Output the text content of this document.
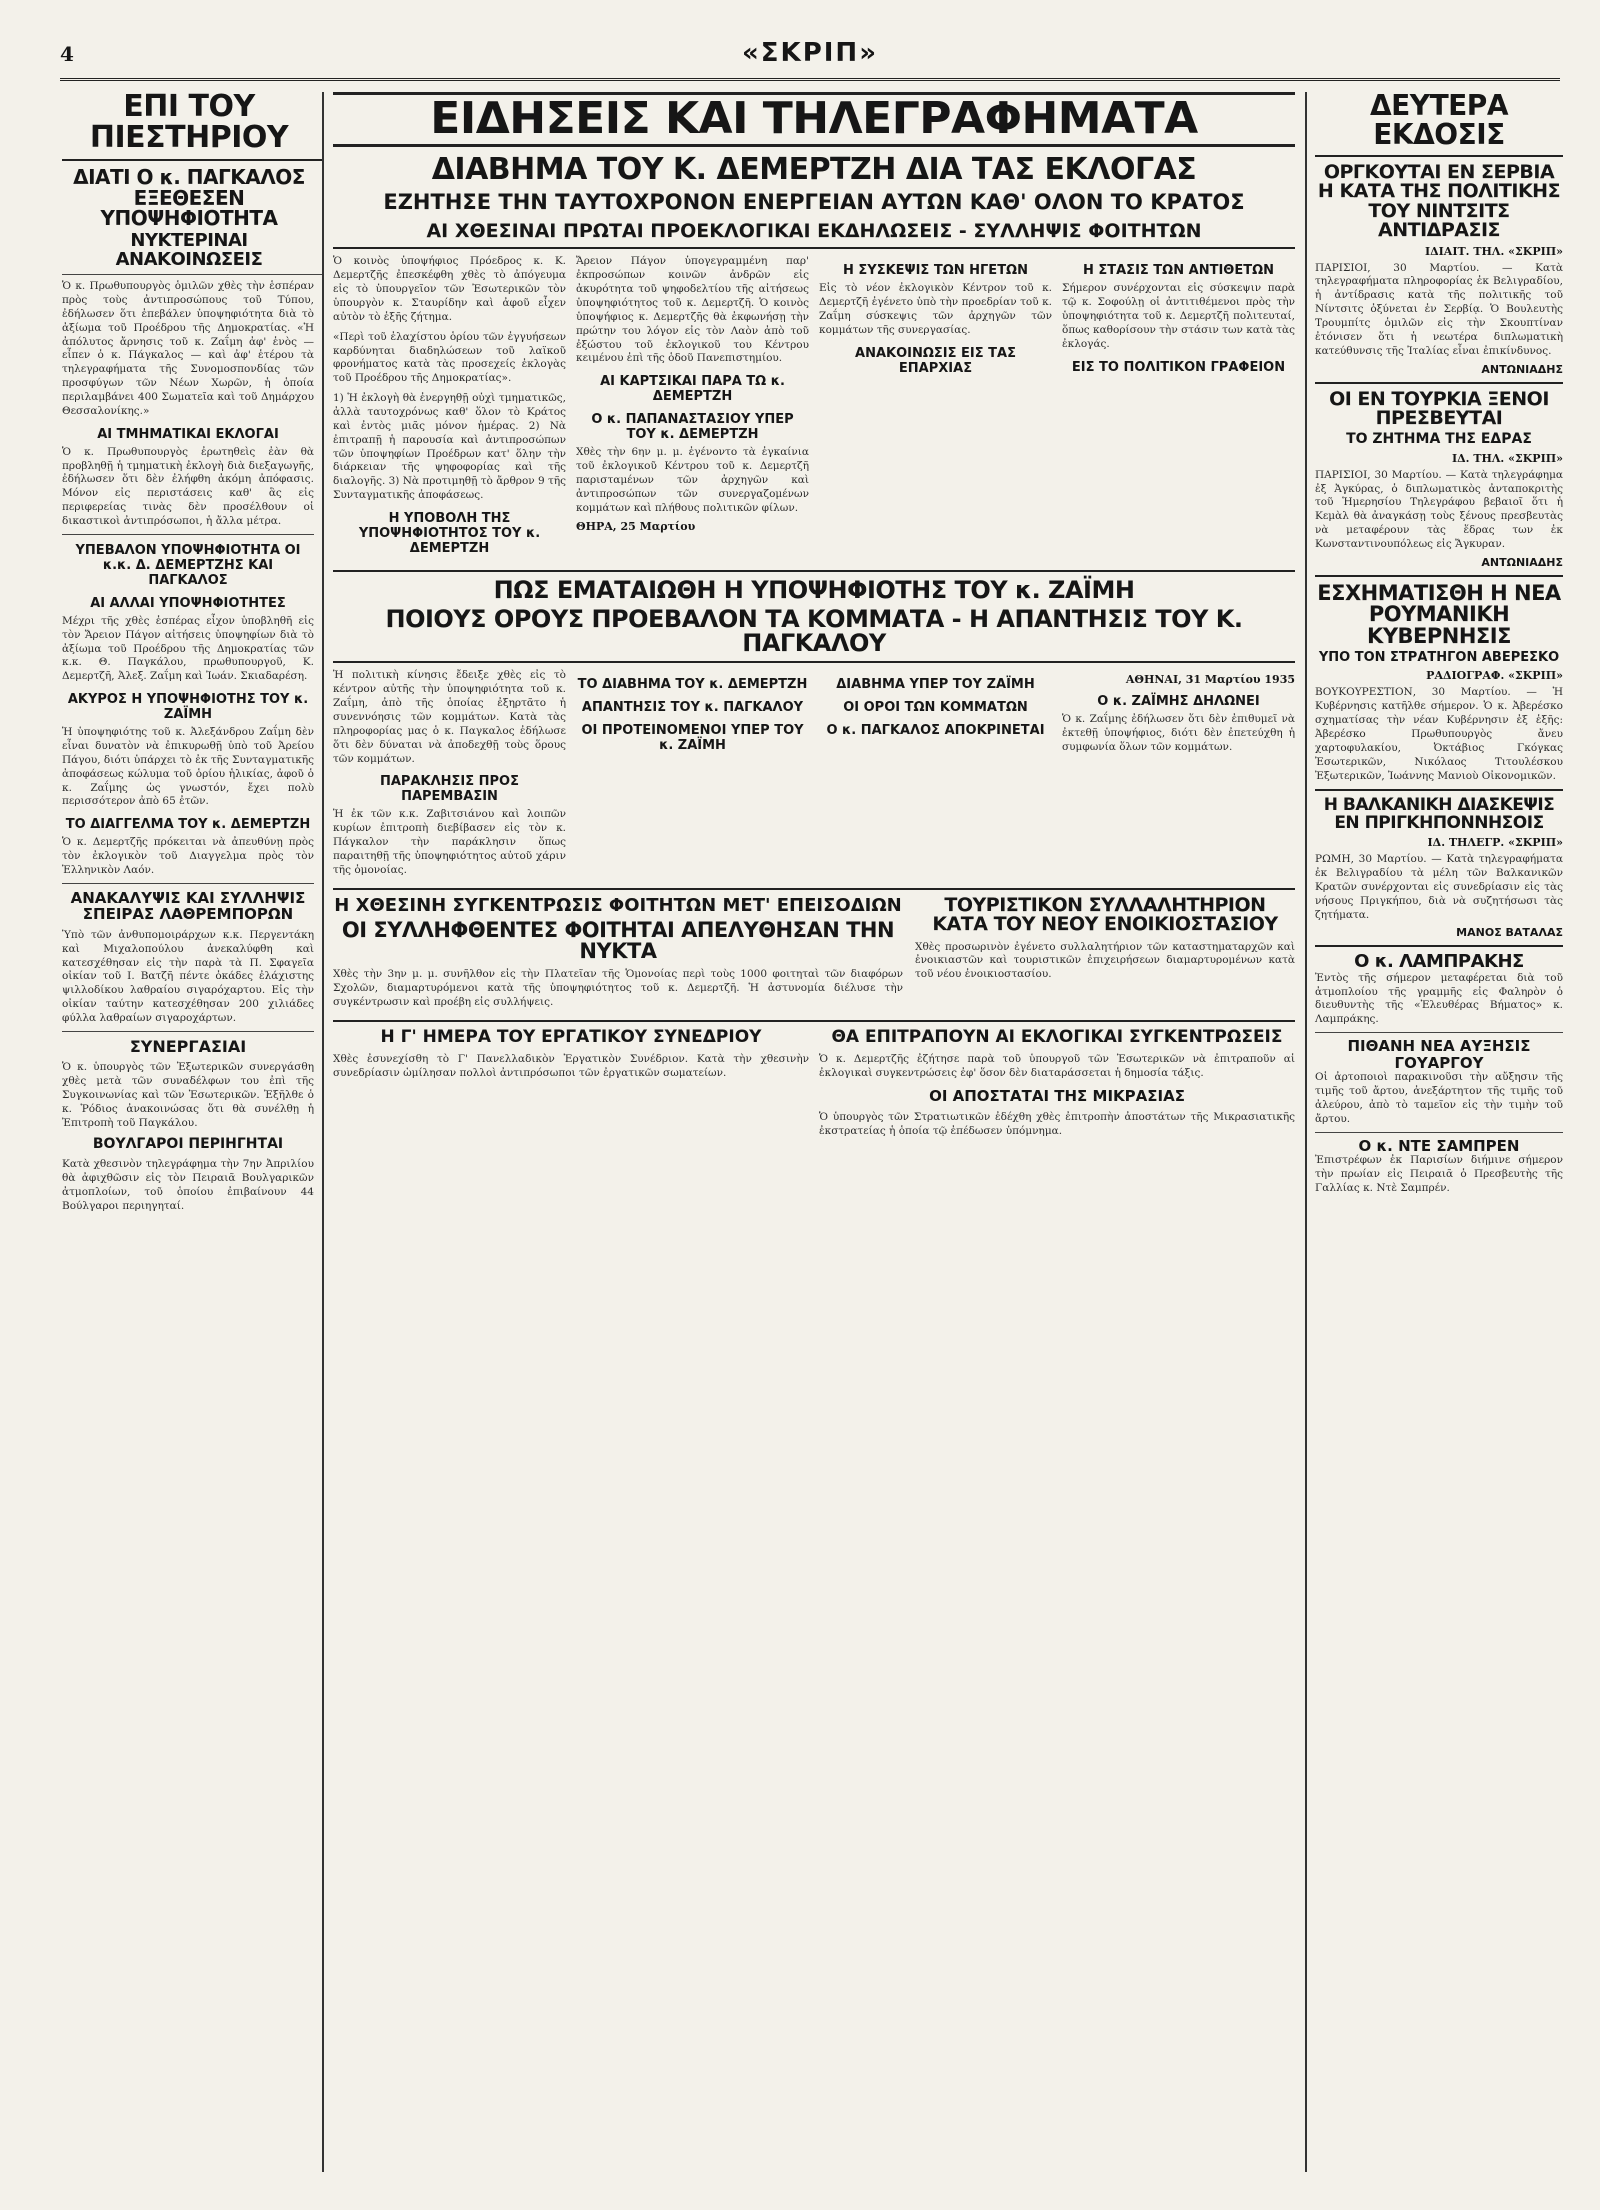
4	«ΣΚΡΙΠ»
ΕΠΙ ΤΟΥ ΠΙΕΣΤΗΡΙΟΥ
ΔΙΑΤΙ Ο κ. ΠΑΓΚΑΛΟΣ ΕΞΕΘΕΣΕΝ ΥΠΟΨΗΦΙΟΤΗΤΑ
ΝΥΚΤΕΡΙΝΑΙ ΑΝΑΚΟΙΝΩΣΕΙΣ

Ὁ κ. Πρωθυπουργὸς ὁμιλῶν χθὲς τὴν ἑσπέραν πρὸς τοὺς ἀντιπροσώπους τοῦ Τύπου, ἐδήλωσεν ὅτι ἐπεβάλεν ὑποψηφιότητα διὰ τὸ ἀξίωμα τοῦ Προέδρου τῆς Δημοκρατίας. «Ἡ ἀπόλυτος ἄρνησις τοῦ κ. Ζαΐμη ἀφ' ἑνὸς — εἶπεν ὁ κ. Πάγκαλος — καὶ ἀφ' ἑτέρου τὰ τηλεγραφήματα τῆς Συνομοσπονδίας τῶν προσφύγων τῶν Νέων Χωρῶν, ἡ ὁποία περιλαμβάνει 400 Σωματεῖα καὶ τοῦ Δημάρχου Θεσσαλονίκης.»

ΑΙ ΤΜΗΜΑΤΙΚΑΙ ΕΚΛΟΓΑΙ

Ὁ κ. Πρωθυπουργὸς ἐρωτηθεὶς ἐὰν θὰ προβληθῇ ἡ τμηματικὴ ἐκλογὴ διὰ διεξαγωγῆς, ἐδήλωσεν ὅτι δὲν ἐλήφθη ἀκόμη ἀπόφασις. Μόνον εἰς περιστάσεις καθ' ἃς εἰς περιφερείας τινὰς δὲν προσέλθουν οἱ δικαστικοὶ ἀντιπρόσωποι, ἡ ἄλλα μέτρα.

ΥΠΕΒΑΛΟΝ ΥΠΟΨΗΦΙΟΤΗΤΑ ΟΙ κ.κ. Δ. ΔΕΜΕΡΤΖΗΣ ΚΑΙ ΠΑΓΚΑΛΟΣ
ΑΙ ΑΛΛΑΙ ΥΠΟΨΗΦΙΟΤΗΤΕΣ

Μέχρι τῆς χθὲς ἑσπέρας εἶχον ὑποβληθῆ εἰς τὸν Ἄρειον Πάγον αἰτήσεις ὑποψηφίων διὰ τὸ ἀξίωμα τοῦ Προέδρου τῆς Δημοκρατίας τῶν κ.κ. Θ. Παγκάλου, πρωθυπουργοῦ, Κ. Δεμερτζῆ, Ἀλεξ. Ζαΐμη καὶ Ἰωάν. Σκιαδαρέση.

ΑΚΥΡΟΣ Η ΥΠΟΨΗΦΙΟΤΗΣ ΤΟΥ κ. ΖΑΪΜΗ

Ἡ ὑποψηφιότης τοῦ κ. Ἀλεξάνδρου Ζαΐμη δὲν εἶναι δυνατὸν νὰ ἐπικυρωθῇ ὑπὸ τοῦ Ἀρείου Πάγου, διότι ὑπάρχει τὸ ἐκ τῆς Συνταγματικῆς ἀποφάσεως κώλυμα τοῦ ὁρίου ἡλικίας, ἀφοῦ ὁ κ. Ζαΐμης ὡς γνωστόν, ἔχει πολὺ περισσότερον ἀπὸ 65 ἐτῶν.

ΤΟ ΔΙΑΓΓΕΛΜΑ ΤΟΥ κ. ΔΕΜΕΡΤΖΗ

Ὁ κ. Δεμερτζῆς πρόκειται νὰ ἀπευθύνῃ πρὸς τὸν ἐκλογικὸν τοῦ Διαγγελμα πρὸς τὸν Ἑλληνικὸν Λαόν.

ΑΝΑΚΑΛΥΨΙΣ ΚΑΙ ΣΥΛΛΗΨΙΣ ΣΠΕΙΡΑΣ ΛΑΘΡΕΜΠΟΡΩΝ

Ὑπὸ τῶν ἀνθυπομοιράρχων κ.κ. Περγεντάκη καὶ Μιχαλοπούλου ἀνεκαλύφθη καὶ κατεσχέθησαν εἰς τὴν παρὰ τὰ Π. Σφαγεῖα οἰκίαν τοῦ Ι. Βατζῆ πέντε ὀκάδες ἐλάχιστης ψιλλοδίκου λαθραίου σιγαρόχαρτου. Εἰς τὴν οἰκίαν ταύτην κατεσχέθησαν 200 χιλιάδες φύλλα λαθραίων σιγαροχάρτων.

ΣΥΝΕΡΓΑΣΙΑΙ

Ὁ κ. ὑπουργὸς τῶν Ἐξωτερικῶν συνεργάσθη χθὲς μετὰ τῶν συναδέλφων του ἐπὶ τῆς Συγκοινωνίας καὶ τῶν Ἐσωτερικῶν. Ἐξῆλθε ὁ κ. Ῥόδιος ἀνακοινώσας ὅτι θὰ συνέλθῃ ἡ Ἐπιτροπὴ τοῦ Παγκάλου.

ΒΟΥΛΓΑΡΟΙ ΠΕΡΙΗΓΗΤΑΙ

Κατὰ χθεσινὸν τηλεγράφημα τὴν 7ην Ἀπριλίου θὰ ἀφιχθῶσιν εἰς τὸν Πειραιᾶ Βουλγαρικῶν ἀτμοπλοίων, τοῦ ὁποίου ἐπιβαίνουν 44 Βούλγαροι περιηγηταί.

ΕΙΔΗΣΕΙΣ ΚΑΙ ΤΗΛΕΓΡΑΦΗΜΑΤΑ
ΔΙΑΒΗΜΑ ΤΟΥ Κ. ΔΕΜΕΡΤΖΗ ΔΙΑ ΤΑΣ ΕΚΛΟΓΑΣ
ΕΖΗΤΗΣΕ ΤΗΝ ΤΑΥΤΟΧΡΟΝΟΝ ΕΝΕΡΓΕΙΑΝ ΑΥΤΩΝ ΚΑΘ' ΟΛΟΝ ΤΟ ΚΡΑΤΟΣ
ΑΙ ΧΘΕΣΙΝΑΙ ΠΡΩΤΑΙ ΠΡΟΕΚΛΟΓΙΚΑΙ ΕΚΔΗΛΩΣΕΙΣ - ΣΥΛΛΗΨΙΣ ΦΟΙΤΗΤΩΝ

Ὁ κοινὸς ὑποψήφιος Πρόεδρος κ. Κ. Δεμερτζῆς ἐπεσκέφθη χθὲς τὸ ἀπόγευμα εἰς τὸ ὑπουργεῖον τῶν Ἐσωτερικῶν τὸν ὑπουργὸν κ. Σταυρίδην καὶ ἀφοῦ εἶχεν αὐτὸν τὸ ἑξῆς ζήτημα.

«Περὶ τοῦ ἐλαχίστου ὁρίου τῶν ἐγγυήσεων καρδύνηται διαδηλώσεων τοῦ λαϊκοῦ φρονήματος κατὰ τὰς προσεχείς ἐκλογὰς τοῦ Προέδρου τῆς Δημοκρατίας».

1) Ἡ ἐκλογὴ θὰ ἐνεργηθῇ οὐχὶ τμηματικῶς, ἀλλὰ ταυτοχρόνως καθ' ὅλον τὸ Κράτος καὶ ἐντὸς μιᾶς μόνον ἡμέρας. 2) Νὰ ἐπιτραπῇ ἡ παρουσία καὶ ἀντιπροσώπων τῶν ὑποψηφίων Προέδρων κατ' ὅλην τὴν διάρκειαν τῆς ψηφοφορίας καὶ τῆς διαλογῆς. 3) Νὰ προτιμηθῇ τὸ ἄρθρον 9 τῆς Συνταγματικῆς ἀποφάσεως.

Η ΥΠΟΒΟΛΗ ΤΗΣ ΥΠΟΨΗΦΙΟΤΗΤΟΣ ΤΟΥ κ. ΔΕΜΕΡΤΖΗ

Ἄρειον Πάγον ὑπογεγραμμένη παρ' ἐκπροσώπων κοινῶν ἀνδρῶν εἰς ἀκυρότητα τοῦ ψηφοδελτίου τῆς αἰτήσεως ὑποψηφιότητος τοῦ κ. Δεμερτζῆ. Ὁ κοινὸς ὑποψήφιος κ. Δεμερτζῆς θὰ ἐκφωνήσῃ τὴν πρώτην του λόγον εἰς τὸν Λαὸν ἀπὸ τοῦ ἐξώστου τοῦ ἐκλογικοῦ του Κέντρου κειμένου ἐπὶ τῆς ὁδοῦ Πανεπιστημίου.

ΑΙ ΚΑΡΤΣΙΚΑΙ ΠΑΡΑ ΤΩ κ. ΔΕΜΕΡΤΖΗ
Ο κ. ΠΑΠΑΝΑΣΤΑΣΙΟΥ ΥΠΕΡ ΤΟΥ κ. ΔΕΜΕΡΤΖΗ

Χθὲς τὴν 6ην μ. μ. ἐγένοντο τὰ ἐγκαίνια τοῦ ἐκλογικοῦ Κέντρου τοῦ κ. Δεμερτζῆ παρισταμένων τῶν ἀρχηγῶν καὶ ἀντιπροσώπων τῶν συνεργαζομένων κομμάτων καὶ πλήθους πολιτικῶν φίλων.

ΘΗΡΑ, 25 Μαρτίου
Η ΣΥΣΚΕΨΙΣ ΤΩΝ ΗΓΕΤΩΝ

Εἰς τὸ νέον ἐκλογικὸν Κέντρον τοῦ κ. Δεμερτζῆ ἐγένετο ὑπὸ τὴν προεδρίαν τοῦ κ. Ζαΐμη σύσκεψις τῶν ἀρχηγῶν τῶν κομμάτων τῆς συνεργασίας.

ΑΝΑΚΟΙΝΩΣΙΣ ΕΙΣ ΤΑΣ ΕΠΑΡΧΙΑΣ
Η ΣΤΑΣΙΣ ΤΩΝ ΑΝΤΙΘΕΤΩΝ

Σήμερον συνέρχονται εἰς σύσκεψιν παρὰ τῷ κ. Σοφούλῃ οἱ ἀντιτιθέμενοι πρὸς τὴν ὑποψηφιότητα τοῦ κ. Δεμερτζῆ πολιτευταί, ὅπως καθορίσουν τὴν στάσιν των κατὰ τὰς ἐκλογάς.

ΕΙΣ ΤΟ ΠΟΛΙΤΙΚΟΝ ΓΡΑΦΕΙΟΝ
ΠΩΣ ΕΜΑΤΑΙΩΘΗ Η ΥΠΟΨΗΦΙΟΤΗΣ ΤΟΥ κ. ΖΑΪΜΗ
ΠΟΙΟΥΣ ΟΡΟΥΣ ΠΡΟΕΒΑΛΟΝ ΤΑ ΚΟΜΜΑΤΑ - Η ΑΠΑΝΤΗΣΙΣ ΤΟΥ Κ. ΠΑΓΚΑΛΟΥ

Ἡ πολιτικὴ κίνησις ἔδειξε χθὲς εἰς τὸ κέντρον αὐτῆς τὴν ὑποψηφιότητα τοῦ κ. Ζαΐμη, ἀπὸ τῆς ὁποίας ἐξηρτᾶτο ἡ συνεννόησις τῶν κομμάτων. Κατὰ τὰς πληροφορίας μας ὁ κ. Παγκαλος ἐδήλωσε ὅτι δὲν δύναται νὰ ἀποδεχθῇ τοὺς ὅρους τῶν κομμάτων.

ΠΑΡΑΚΛΗΣΙΣ ΠΡΟΣ ΠΑΡΕΜΒΑΣΙΝ

Ἡ ἐκ τῶν κ.κ. Ζαβιτσιάνου καὶ λοιπῶν κυρίων ἐπιτροπὴ διεβίβασεν εἰς τὸν κ. Πάγκαλον τὴν παράκλησιν ὅπως παραιτηθῇ τῆς ὑποψηφιότητος αὐτοῦ χάριν τῆς ὁμονοίας.

ΤΟ ΔΙΑΒΗΜΑ ΤΟΥ κ. ΔΕΜΕΡΤΖΗ
ΑΠΑΝΤΗΣΙΣ ΤΟΥ κ. ΠΑΓΚΑΛΟΥ
ΟΙ ΠΡΟΤΕΙΝΟΜΕΝΟΙ ΥΠΕΡ ΤΟΥ κ. ΖΑΪΜΗ
ΔΙΑΒΗΜΑ ΥΠΕΡ ΤΟΥ ΖΑΪΜΗ
ΟΙ ΟΡΟΙ ΤΩΝ ΚΟΜΜΑΤΩΝ
Ο κ. ΠΑΓΚΑΛΟΣ ΑΠΟΚΡΙΝΕΤΑΙ
ΑΘΗΝΑΙ, 31 Μαρτίου 1935
Ο κ. ΖΑΪΜΗΣ ΔΗΛΩΝΕΙ

Ὁ κ. Ζαΐμης ἐδήλωσεν ὅτι δὲν ἐπιθυμεῖ νὰ ἐκτεθῇ ὑποψήφιος, διότι δὲν ἐπετεύχθη ἡ συμφωνία ὅλων τῶν κομμάτων.

Η ΧΘΕΣΙΝΗ ΣΥΓΚΕΝΤΡΩΣΙΣ ΦΟΙΤΗΤΩΝ ΜΕΤ' ΕΠΕΙΣΟΔΙΩΝ
ΟΙ ΣΥΛΛΗΦΘΕΝΤΕΣ ΦΟΙΤΗΤΑΙ ΑΠΕΛΥΘΗΣΑΝ ΤΗΝ ΝΥΚΤΑ

Χθὲς τὴν 3ην μ. μ. συνῆλθον εἰς τὴν Πλατεῖαν τῆς Ὁμονοίας περὶ τοὺς 1000 φοιτηταὶ τῶν διαφόρων Σχολῶν, διαμαρτυρόμενοι κατὰ τῆς ὑποψηφιότητος τοῦ κ. Δεμερτζῆ. Ἡ ἀστυνομία διέλυσε τὴν συγκέντρωσιν καὶ προέβη εἰς συλλήψεις.

ΤΟΥΡΙΣΤΙΚΟΝ ΣΥΛΛΑΛΗΤΗΡΙΟΝ ΚΑΤΑ ΤΟΥ ΝΕΟΥ ΕΝΟΙΚΙΟΣΤΑΣΙΟΥ

Χθὲς προσωρινὸν ἐγένετο συλλαλητήριον τῶν καταστηματαρχῶν καὶ ἐνοικιαστῶν καὶ τουριστικῶν ἐπιχειρήσεων διαμαρτυρομένων κατὰ τοῦ νέου ἐνοικιοστασίου.

Η Γ' ΗΜΕΡΑ ΤΟΥ ΕΡΓΑΤΙΚΟΥ ΣΥΝΕΔΡΙΟΥ

Χθὲς ἐσυνεχίσθη τὸ Γ' Πανελλαδικὸν Ἐργατικὸν Συνέδριον. Κατὰ τὴν χθεσινὴν συνεδρίασιν ὡμίλησαν πολλοὶ ἀντιπρόσωποι τῶν ἐργατικῶν σωματείων.

ΘΑ ΕΠΙΤΡΑΠΟΥΝ ΑΙ ΕΚΛΟΓΙΚΑΙ ΣΥΓΚΕΝΤΡΩΣΕΙΣ

Ὁ κ. Δεμερτζῆς ἐζήτησε παρὰ τοῦ ὑπουργοῦ τῶν Ἐσωτερικῶν νὰ ἐπιτραποῦν αἱ ἐκλογικαὶ συγκεντρώσεις ἐφ' ὅσον δὲν διαταράσσεται ἡ δημοσία τάξις.

ΟΙ ΑΠΟΣΤΑΤΑΙ ΤΗΣ ΜΙΚΡΑΣΙΑΣ

Ὁ ὑπουργὸς τῶν Στρατιωτικῶν ἐδέχθη χθὲς ἐπιτροπὴν ἀποστάτων τῆς Μικρασιατικῆς ἐκστρατείας ἡ ὁποία τῷ ἐπέδωσεν ὑπόμνημα.

ΔΕΥΤΕΡΑ ΕΚΔΟΣΙΣ
ΟΡΓΚΟΥΤΑΙ ΕΝ ΣΕΡΒΙΑ Η ΚΑΤΑ ΤΗΣ ΠΟΛΙΤΙΚΗΣ ΤΟΥ ΝΙΝΤΣΙΤΣ ΑΝΤΙΔΡΑΣΙΣ
ΙΔΙΑΙΤ. ΤΗΛ. «ΣΚΡΙΠ»

ΠΑΡΙΣΙΟΙ, 30 Μαρτίου. — Κατὰ τηλεγραφήματα πληροφορίας ἐκ Βελιγραδίου, ἡ ἀντίδρασις κατὰ τῆς πολιτικῆς τοῦ Νίντσιτς ὀξύνεται ἐν Σερβίᾳ. Ὁ Βουλευτὴς Τρουμπίτς ὁμιλῶν εἰς τὴν Σκουπτίναν ἐτόνισεν ὅτι ἡ νεωτέρα διπλωματικὴ κατεύθυνσις τῆς Ἰταλίας εἶναι ἐπικίνδυνος.

ΑΝΤΩΝΙΑΔΗΣ
ΟΙ ΕΝ ΤΟΥΡΚΙΑ ΞΕΝΟΙ ΠΡΕΣΒΕΥΤΑΙ
ΤΟ ΖΗΤΗΜΑ ΤΗΣ ΕΔΡΑΣ
ΙΔ. ΤΗΛ. «ΣΚΡΙΠ»

ΠΑΡΙΣΙΟΙ, 30 Μαρτίου. — Κατὰ τηλεγράφημα ἐξ Ἀγκύρας, ὁ διπλωματικὸς ἀνταποκριτὴς τοῦ Ἡμερησίου Τηλεγράφου βεβαιοῖ ὅτι ἡ Κεμὰλ θὰ ἀναγκάσῃ τοὺς ξένους πρεσβευτὰς νὰ μεταφέρουν τὰς ἕδρας των ἐκ Κωνσταντινουπόλεως εἰς Ἄγκυραν.

ΑΝΤΩΝΙΑΔΗΣ
ΕΣΧΗΜΑΤΙΣΘΗ Η ΝΕΑ ΡΟΥΜΑΝΙΚΗ ΚΥΒΕΡΝΗΣΙΣ
ΥΠΟ ΤΟΝ ΣΤΡΑΤΗΓΟΝ ΑΒΕΡΕΣΚΟ
ΡΑΔΙΟΓΡΑΦ. «ΣΚΡΙΠ»

ΒΟΥΚΟΥΡΕΣΤΙΟΝ, 30 Μαρτίου. — Ἡ Κυβέρνησις κατῆλθε σήμερον. Ὁ κ. Ἀβερέσκο σχηματίσας τὴν νέαν Κυβέρνησιν ἐξ ἑξῆς: Ἀβερέσκο Πρωθυπουργὸς ἄνευ χαρτοφυλακίου, Ὀκτάβιος Γκόγκας Ἐσωτερικῶν, Νικόλαος Τιτουλέσκου Ἐξωτερικῶν, Ἰωάννης Μανιοὺ Οἰκονομικῶν.

Η ΒΑΛΚΑΝΙΚΗ ΔΙΑΣΚΕΨΙΣ ΕΝ ΠΡΙΓΚΗΠΟΝΝΗΣΟΙΣ
ΙΔ. ΤΗΛΕΓΡ. «ΣΚΡΙΠ»

ΡΩΜΗ, 30 Μαρτίου. — Κατὰ τηλεγραφήματα ἐκ Βελιγραδίου τὰ μέλη τῶν Βαλκανικῶν Κρατῶν συνέρχονται εἰς συνεδρίασιν εἰς τὰς νήσους Πριγκήπου, διὰ νὰ συζητήσωσι τὰς ζητήματα.

ΜΑΝΟΣ ΒΑΤΑΛΑΣ
Ο κ. ΛΑΜΠΡΑΚΗΣ

Ἐντὸς τῆς σήμερον μεταφέρεται διὰ τοῦ ἀτμοπλοίου τῆς γραμμῆς εἰς Φαληρὸν ὁ διευθυντὴς τῆς «Ἐλευθέρας Βήματος» κ. Λαμπράκης.

ΠΙΘΑΝΗ ΝΕΑ ΑΥΞΗΣΙΣ ΓΟΥΑΡΓΟΥ

Οἱ ἀρτοποιοὶ παρακινοῦσι τὴν αὔξησιν τῆς τιμῆς τοῦ ἄρτου, ἀνεξάρτητον τῆς τιμῆς τοῦ ἀλεύρου, ἀπὸ τὸ ταμεῖον εἰς τὴν τιμὴν τοῦ ἄρτου.

Ο κ. ΝΤΕ ΣΑΜΠΡΕΝ

Ἐπιστρέφων ἐκ Παρισίων διήμινε σήμερον τὴν πρωίαν εἰς Πειραιᾶ ὁ Πρεσβευτὴς τῆς Γαλλίας κ. Ντὲ Σαμπρέν.
